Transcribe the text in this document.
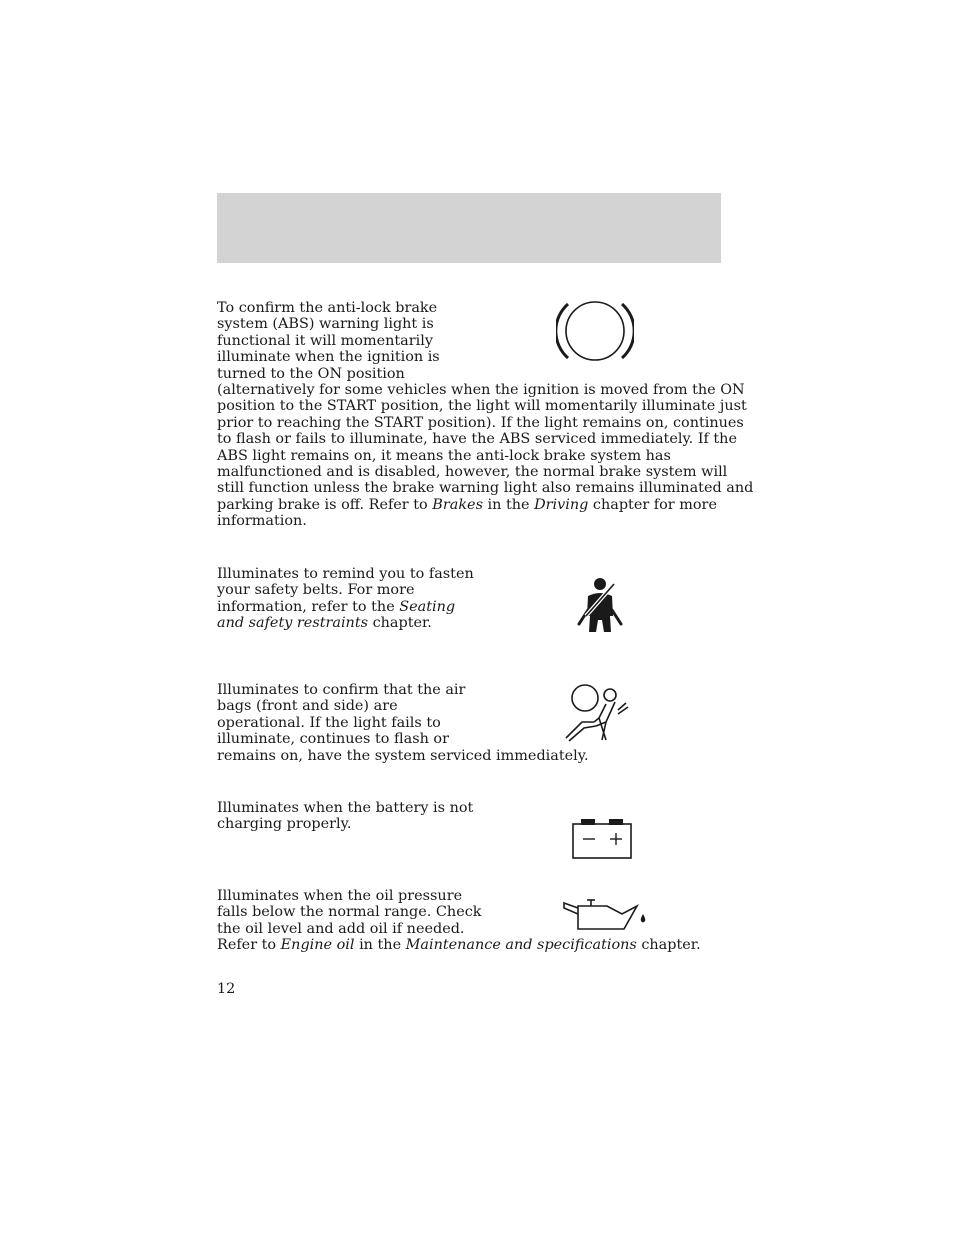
To confirm the anti-lock brake
system (ABS) warning light is
functional it will momentarily
illuminate when the ignition is
turned to the ON position
(alternatively for some vehicles when the ignition is moved from the ON
position to the START position, the light will momentarily illuminate just
prior to reaching the START position). If the light remains on, continues
to flash or fails to illuminate, have the ABS serviced immediately. If the
ABS light remains on, it means the anti-lock brake system has
malfunctioned and is disabled, however, the normal brake system will
still function unless the brake warning light also remains illuminated and
parking brake is off. Refer to Brakes in the Driving chapter for more
information.
Illuminates to remind you to fasten
your safety belts. For more
information, refer to the Seating
and safety restraints chapter.
Illuminates to confirm that the air
bags (front and side) are
operational. If the light fails to
illuminate, continues to flash or
remains on, have the system serviced immediately.
Illuminates when the battery is not
charging properly.
Illuminates when the oil pressure
falls below the normal range. Check
the oil level and add oil if needed.
Refer to Engine oil in the Maintenance and specifications chapter.
12
